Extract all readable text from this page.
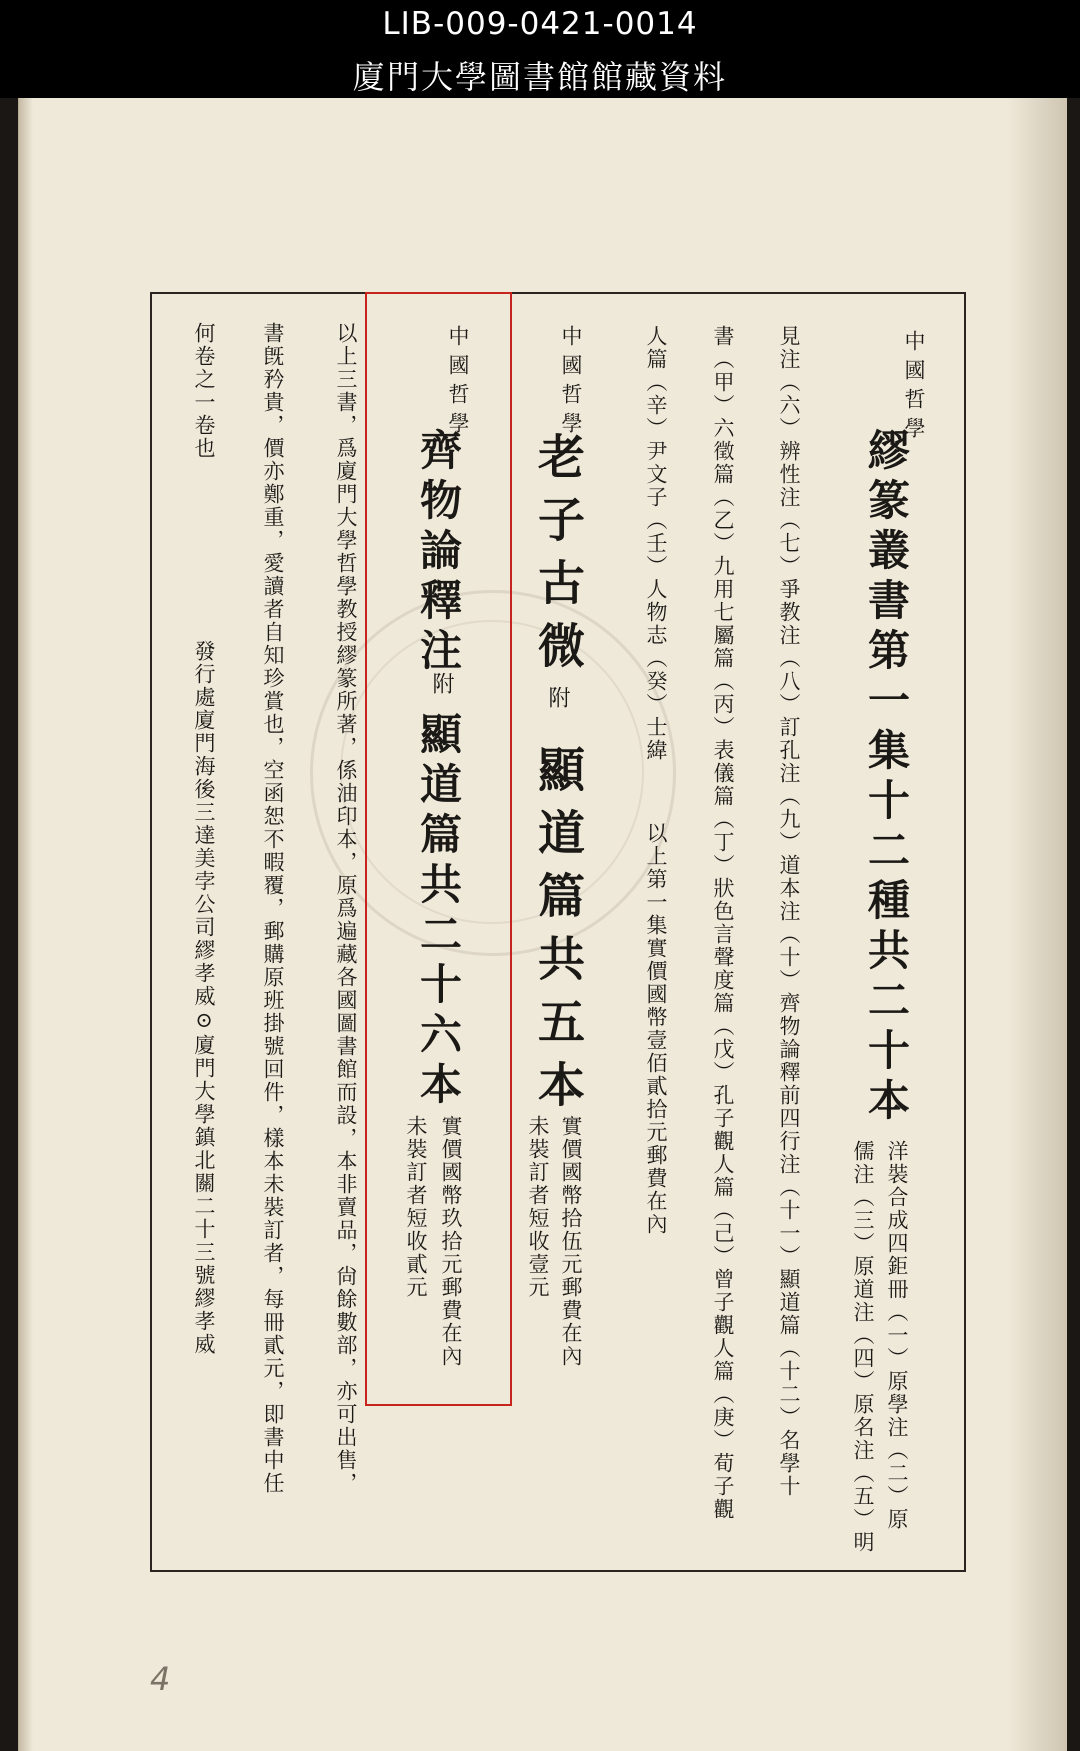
LIB-009-0421-0014
廈門大學圖書館館藏資料
中國哲學
繆篆叢書第一集十二種共二十本
洋裝合成四鉅冊（一）原學注（二）原
儒注（三）原道注（四）原名注（五）明
見注（六）辨性注（七）爭教注（八）訂孔注（九）道本注（十）齊物論釋前四行注（十一）顯道篇（十二）名學十
書（甲）六徵篇（乙）九用七屬篇（丙）表儀篇（丁）狀色言聲度篇（戊）孔子觀人篇（己）曾子觀人篇（庚）荀子觀
人篇（辛）尹文子（壬）人物志（癸）士緯
以上第一集實價國幣壹佰貳拾元郵費在內
中國哲學
老子古微
附
顯道篇共五本
實價國幣拾伍元郵費在內
未裝訂者短收壹元
中國哲學
齊物論釋注
附
顯道篇共二十六本
實價國幣玖拾元郵費在內
未裝訂者短收貳元
以上三書，爲廈門大學哲學教授繆篆所著，係油印本，原爲遍藏各國圖書館而設，本非賣品，尙餘數部，亦可出售，
書旣矜貴，價亦鄭重，愛讀者自知珍賞也，空函恕不暇覆，郵購原班掛號回件，樣本未裝訂者，每冊貳元，即書中任
何卷之一卷也
發行處廈門海後三達美孛公司繆孝威⊙廈門大學鎮北關二十三號繆孝威
4
